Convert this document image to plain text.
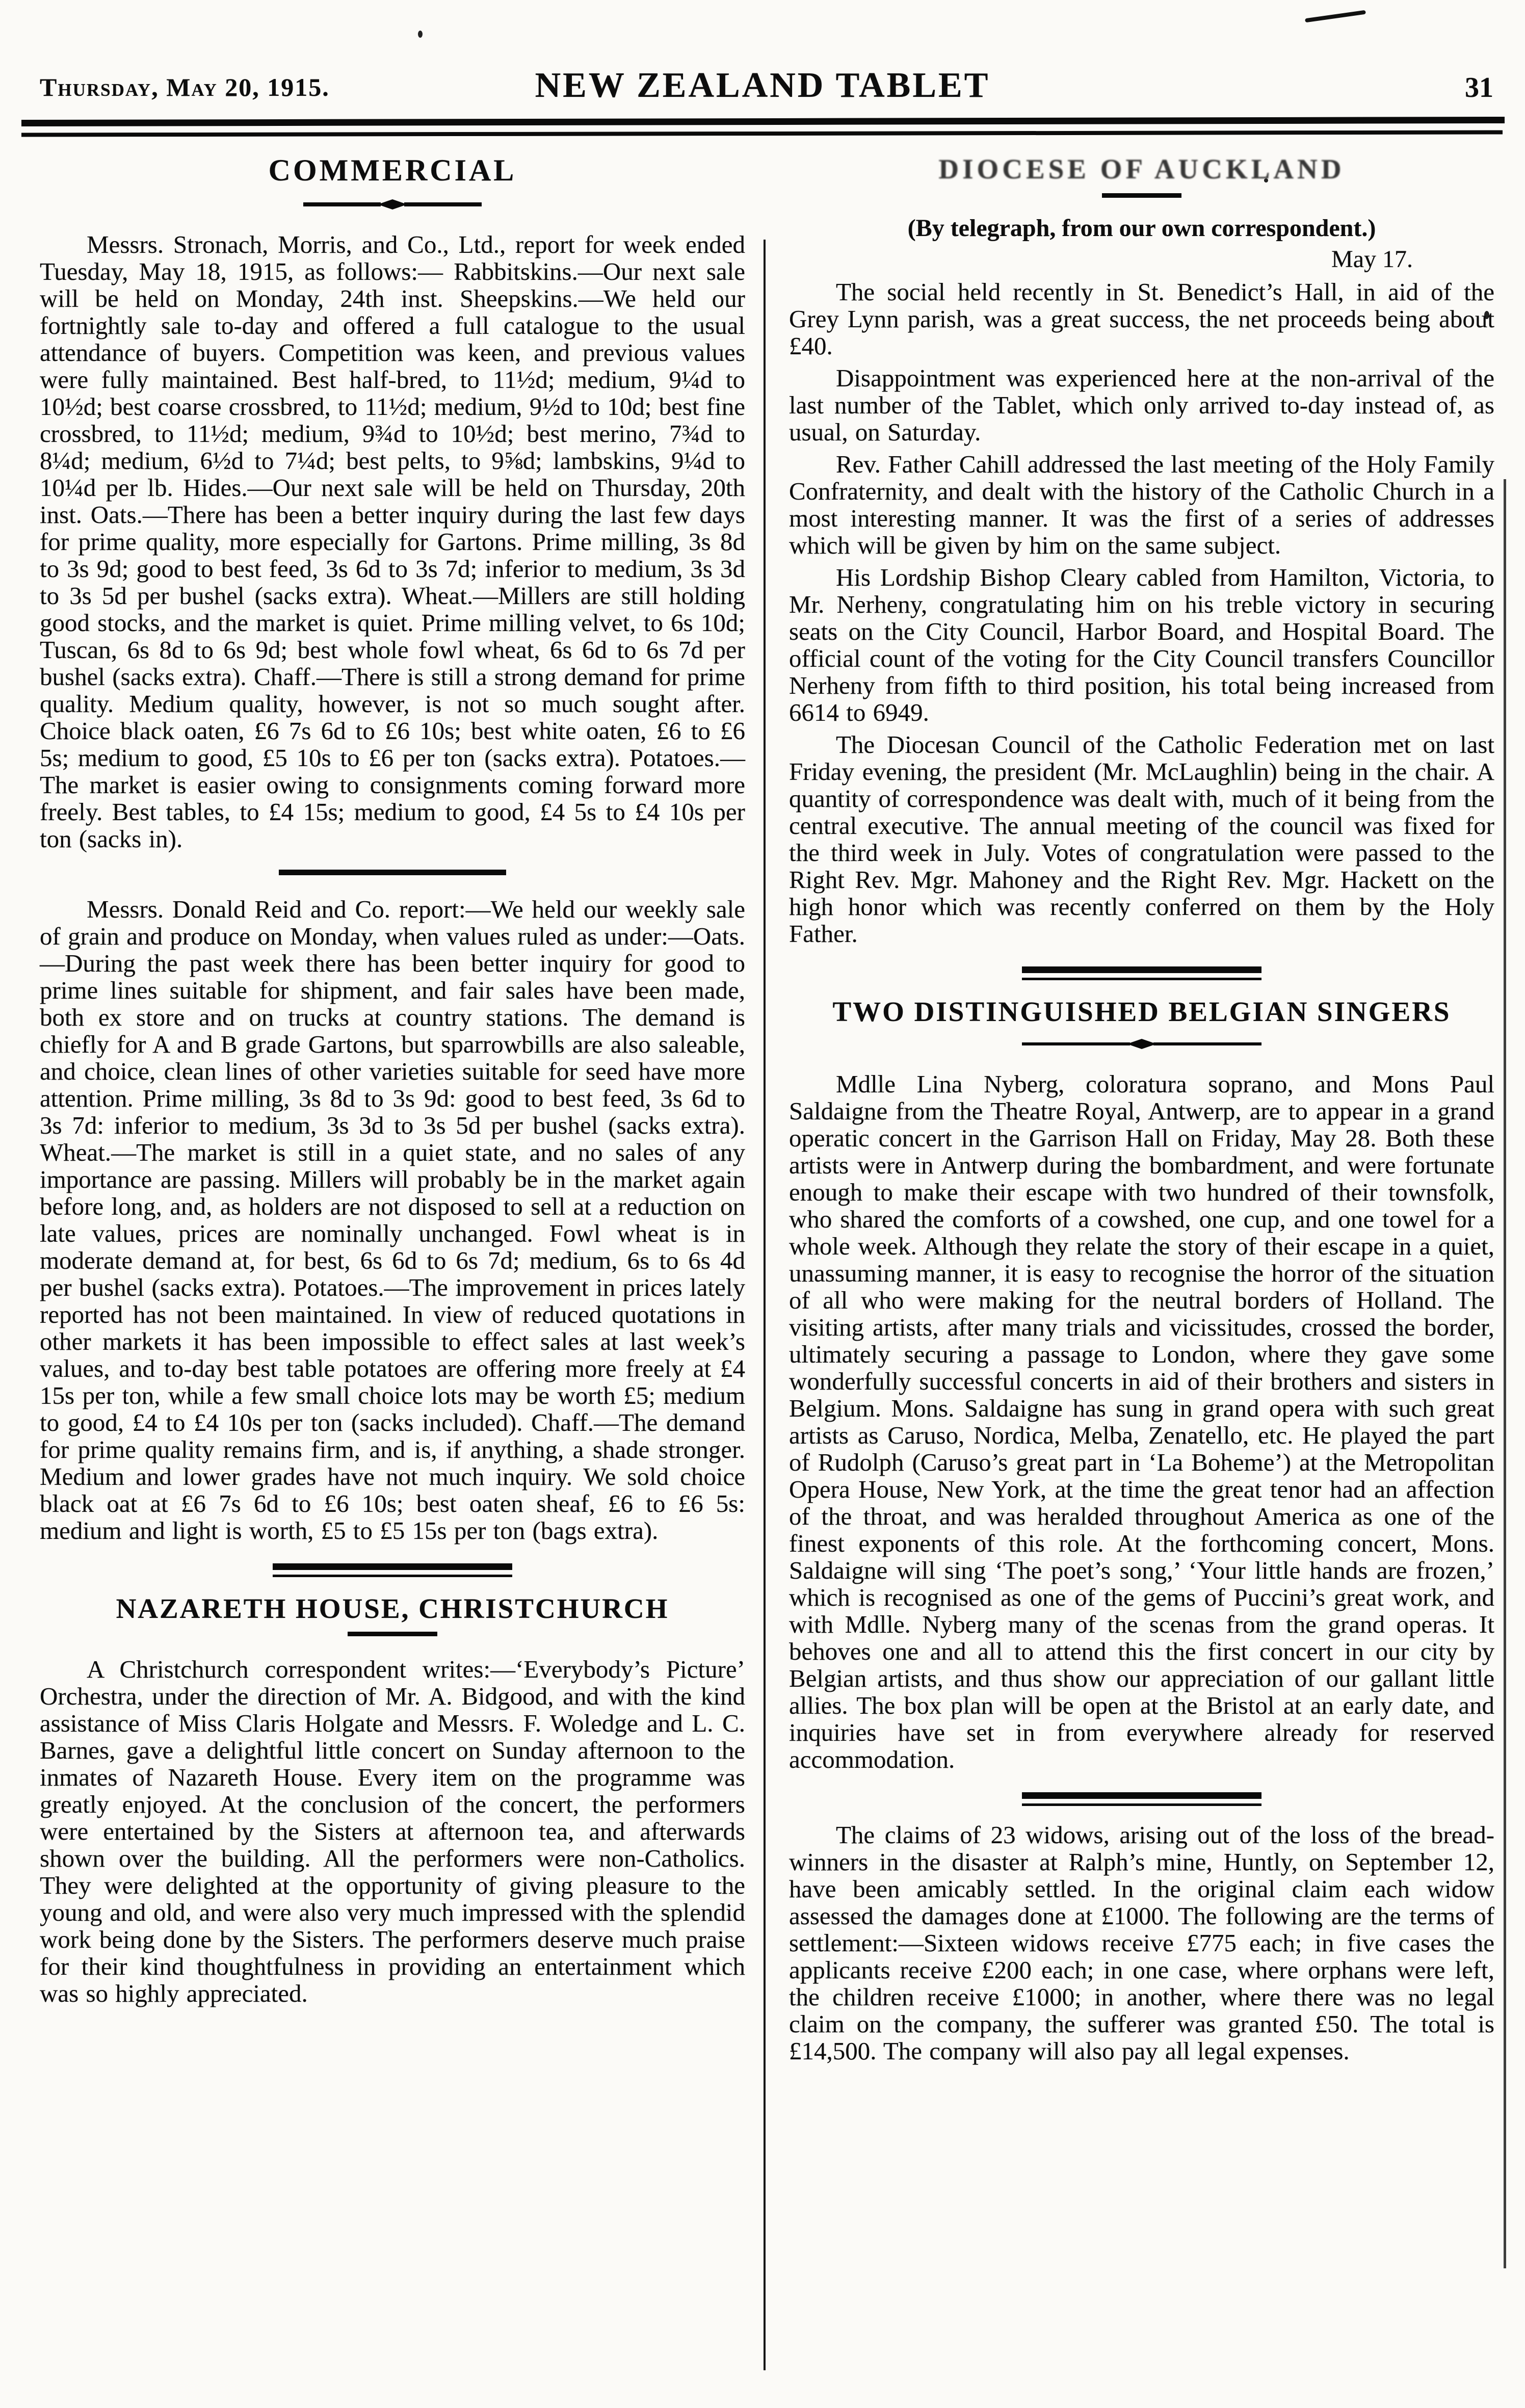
Thursday, May 20, 1915.	NEW ZEALAND TABLET	31
COMMERCIAL

Messrs. Stronach, Morris, and Co., Ltd., report for week ended Tuesday, May 18, 1915, as follows:— Rabbitskins.—Our next sale will be held on Monday, 24th inst. Sheepskins.—We held our fortnightly sale to-day and offered a full catalogue to the usual attendance of buyers. Competition was keen, and previous values were fully maintained. Best half-bred, to 11½d; medium, 9¼d to 10½d; best coarse crossbred, to 11½d; medium, 9½d to 10d; best fine crossbred, to 11½d; medium, 9¾d to 10½d; best merino, 7¾d to 8¼d; medium, 6½d to 7¼d; best pelts, to 9⅝d; lambskins, 9¼d to 10¼d per lb. Hides.—Our next sale will be held on Thursday, 20th inst. Oats.—There has been a better inquiry during the last few days for prime quality, more especially for Gartons. Prime milling, 3s 8d to 3s 9d; good to best feed, 3s 6d to 3s 7d; inferior to medium, 3s 3d to 3s 5d per bushel (sacks extra). Wheat.—Millers are still holding good stocks, and the market is quiet. Prime milling velvet, to 6s 10d; Tuscan, 6s 8d to 6s 9d; best whole fowl wheat, 6s 6d to 6s 7d per bushel (sacks extra). Chaff.—There is still a strong demand for prime quality. Medium quality, however, is not so much sought after. Choice black oaten, £6 7s 6d to £6 10s; best white oaten, £6 to £6 5s; medium to good, £5 10s to £6 per ton (sacks extra). Potatoes.—The market is easier owing to consignments coming forward more freely. Best tables, to £4 15s; medium to good, £4 5s to £4 10s per ton (sacks in).

Messrs. Donald Reid and Co. report:—We held our weekly sale of grain and produce on Monday, when values ruled as under:—Oats.—During the past week there has been better inquiry for good to prime lines suitable for shipment, and fair sales have been made, both ex store and on trucks at country stations. The demand is chiefly for A and B grade Gartons, but sparrowbills are also saleable, and choice, clean lines of other varieties suitable for seed have more attention. Prime milling, 3s 8d to 3s 9d: good to best feed, 3s 6d to 3s 7d: inferior to medium, 3s 3d to 3s 5d per bushel (sacks extra). Wheat.—The market is still in a quiet state, and no sales of any importance are passing. Millers will probably be in the market again before long, and, as holders are not disposed to sell at a reduction on late values, prices are nominally unchanged. Fowl wheat is in moderate demand at, for best, 6s 6d to 6s 7d; medium, 6s to 6s 4d per bushel (sacks extra). Potatoes.—The improvement in prices lately reported has not been maintained. In view of reduced quotations in other markets it has been impossible to effect sales at last week’s values, and to-day best table potatoes are offering more freely at £4 15s per ton, while a few small choice lots may be worth £5; medium to good, £4 to £4 10s per ton (sacks included). Chaff.—The demand for prime quality remains firm, and is, if anything, a shade stronger. Medium and lower grades have not much inquiry. We sold choice black oat at £6 7s 6d to £6 10s; best oaten sheaf, £6 to £6 5s: medium and light is worth, £5 to £5 15s per ton (bags extra).

NAZARETH HOUSE, CHRISTCHURCH

A Christchurch correspondent writes:—‘Everybody’s Picture’ Orchestra, under the direction of Mr. A. Bidgood, and with the kind assistance of Miss Claris Holgate and Messrs. F. Woledge and L. C. Barnes, gave a delightful little concert on Sunday afternoon to the inmates of Nazareth House. Every item on the programme was greatly enjoyed. At the conclusion of the concert, the performers were entertained by the Sisters at afternoon tea, and afterwards shown over the building. All the performers were non-Catholics. They were delighted at the opportunity of giving pleasure to the young and old, and were also very much impressed with the splendid work being done by the Sisters. The performers deserve much praise for their kind thoughtfulness in providing an entertainment which was so highly appreciated.

DIOCESE OF AUCKLAND

(By telegraph, from our own correspondent.)

May 17.

The social held recently in St. Benedict’s Hall, in aid of the Grey Lynn parish, was a great success, the net proceeds being about £40.

Disappointment was experienced here at the non-arrival of the last number of the Tablet, which only arrived to-day instead of, as usual, on Saturday.

Rev. Father Cahill addressed the last meeting of the Holy Family Confraternity, and dealt with the history of the Catholic Church in a most interesting manner. It was the first of a series of addresses which will be given by him on the same subject.

His Lordship Bishop Cleary cabled from Hamilton, Victoria, to Mr. Nerheny, congratulating him on his treble victory in securing seats on the City Council, Harbor Board, and Hospital Board. The official count of the voting for the City Council transfers Councillor Nerheny from fifth to third position, his total being increased from 6614 to 6949.

The Diocesan Council of the Catholic Federation met on last Friday evening, the president (Mr. McLaughlin) being in the chair. A quantity of correspondence was dealt with, much of it being from the central executive. The annual meeting of the council was fixed for the third week in July. Votes of congratulation were passed to the Right Rev. Mgr. Mahoney and the Right Rev. Mgr. Hackett on the high honor which was recently conferred on them by the Holy Father.

TWO DISTINGUISHED BELGIAN SINGERS

Mdlle Lina Nyberg, coloratura soprano, and Mons Paul Saldaigne from the Theatre Royal, Antwerp, are to appear in a grand operatic concert in the Garrison Hall on Friday, May 28. Both these artists were in Antwerp during the bombardment, and were fortunate enough to make their escape with two hundred of their townsfolk, who shared the comforts of a cowshed, one cup, and one towel for a whole week. Although they relate the story of their escape in a quiet, unassuming manner, it is easy to recognise the horror of the situation of all who were making for the neutral borders of Holland. The visiting artists, after many trials and vicissitudes, crossed the border, ultimately securing a passage to London, where they gave some wonderfully successful concerts in aid of their brothers and sisters in Belgium. Mons. Saldaigne has sung in grand opera with such great artists as Caruso, Nordica, Melba, Zenatello, etc. He played the part of Rudolph (Caruso’s great part in ‘La Boheme’) at the Metropolitan Opera House, New York, at the time the great tenor had an affection of the throat, and was heralded throughout America as one of the finest exponents of this role. At the forthcoming concert, Mons. Saldaigne will sing ‘The poet’s song,’ ‘Your little hands are frozen,’ which is recognised as one of the gems of Puccini’s great work, and with Mdlle. Nyberg many of the scenas from the grand operas. It behoves one and all to attend this the first concert in our city by Belgian artists, and thus show our appreciation of our gallant little allies. The box plan will be open at the Bristol at an early date, and inquiries have set in from everywhere already for reserved accommodation.

The claims of 23 widows, arising out of the loss of the bread-winners in the disaster at Ralph’s mine, Huntly, on September 12, have been amicably settled. In the original claim each widow assessed the damages done at £1000. The following are the terms of settlement:—Sixteen widows receive £775 each; in five cases the applicants receive £200 each; in one case, where orphans were left, the children receive £1000; in another, where there was no legal claim on the company, the sufferer was granted £50. The total is £14,500. The company will also pay all legal expenses.
